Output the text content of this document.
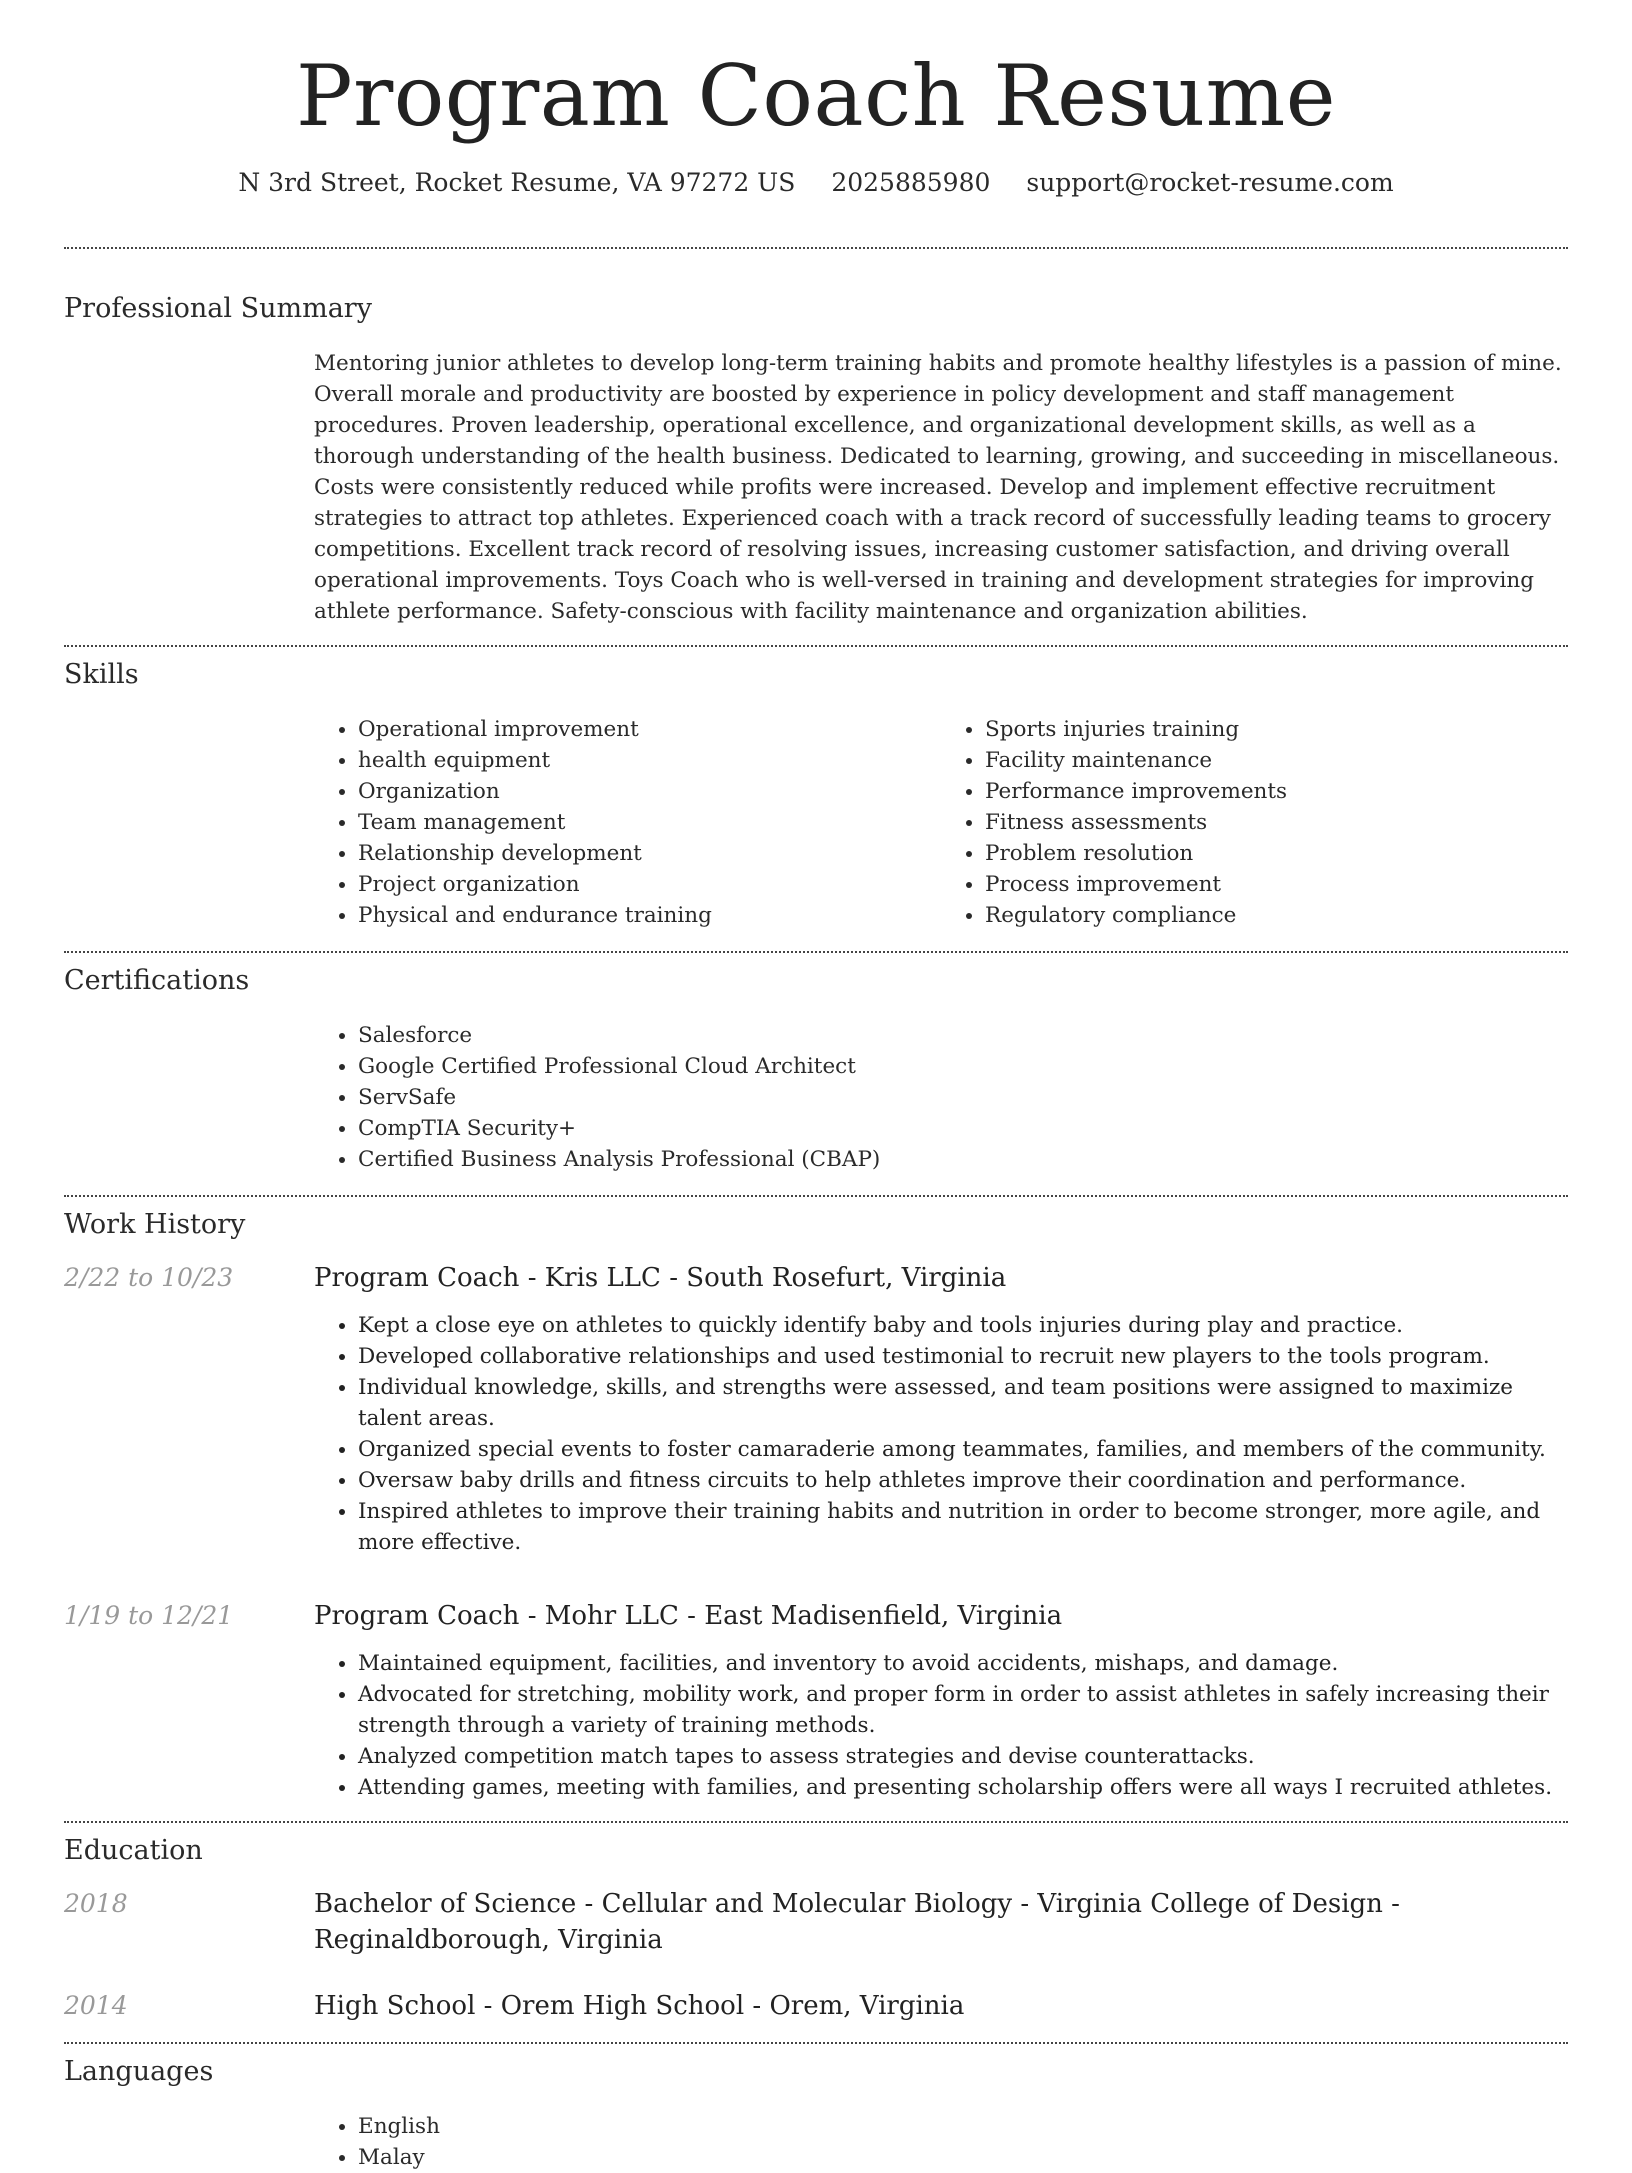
Program Coach Resume
N 3rd Street, Rocket Resume, VA 97272 US 2025885980 support@rocket-resume.com
Professional Summary
Mentoring junior athletes to develop long-term training habits and promote healthy lifestyles is a passion of mine. Overall morale and productivity are boosted by experience in policy development and staff management procedures. Proven leadership, operational excellence, and organizational development skills, as well as a thorough understanding of the health business. Dedicated to learning, growing, and succeeding in miscellaneous. Costs were consistently reduced while profits were increased. Develop and implement effective recruitment strategies to attract top athletes. Experienced coach with a track record of successfully leading teams to grocery competitions. Excellent track record of resolving issues, increasing customer satisfaction, and driving overall operational improvements. Toys Coach who is well-versed in training and development strategies for improving athlete performance. Safety-conscious with facility maintenance and organization abilities.
Skills
• Operational improvement
• health equipment
• Organization
• Team management
• Relationship development
• Project organization
• Physical and endurance training
• Sports injuries training
• Facility maintenance
• Performance improvements
• Fitness assessments
• Problem resolution
• Process improvement
• Regulatory compliance
Certifications
• Salesforce
• Google Certified Professional Cloud Architect
• ServSafe
• CompTIA Security+
• Certified Business Analysis Professional (CBAP)
Work History
2/22 to 10/23	Program Coach - Kris LLC - South Rosefurt, Virginia
• Kept a close eye on athletes to quickly identify baby and tools injuries during play and practice.
• Developed collaborative relationships and used testimonial to recruit new players to the tools program.
• Individual knowledge, skills, and strengths were assessed, and team positions were assigned to maximize talent areas.
• Organized special events to foster camaraderie among teammates, families, and members of the community.
• Oversaw baby drills and fitness circuits to help athletes improve their coordination and performance.
• Inspired athletes to improve their training habits and nutrition in order to become stronger, more agile, and more effective.
1/19 to 12/21	Program Coach - Mohr LLC - East Madisenfield, Virginia
• Maintained equipment, facilities, and inventory to avoid accidents, mishaps, and damage.
• Advocated for stretching, mobility work, and proper form in order to assist athletes in safely increasing their strength through a variety of training methods.
• Analyzed competition match tapes to assess strategies and devise counterattacks.
• Attending games, meeting with families, and presenting scholarship offers were all ways I recruited athletes.
Education
2018	Bachelor of Science - Cellular and Molecular Biology - Virginia College of Design - Reginaldborough, Virginia
2014	High School - Orem High School - Orem, Virginia
Languages
• English
• Malay
